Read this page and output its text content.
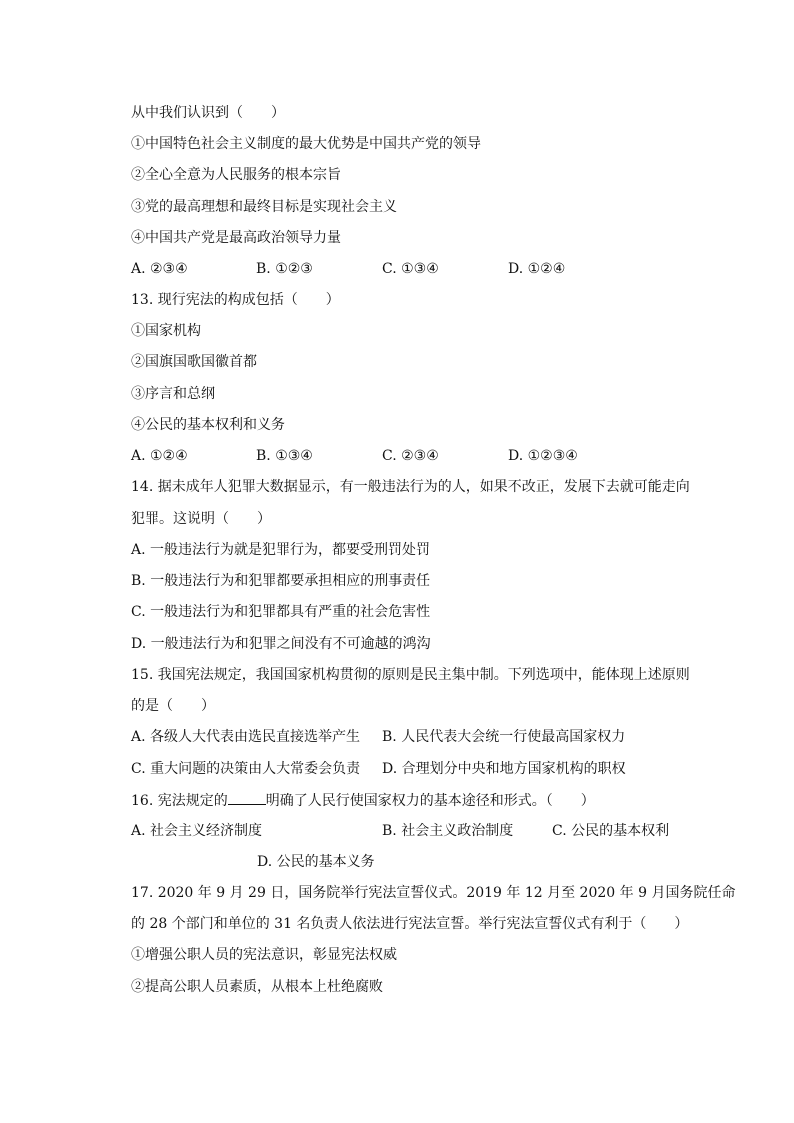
从中我们认识到（　　）
①中国特色社会主义制度的最大优势是中国共产党的领导
②全心全意为人民服务的根本宗旨
③党的最高理想和最终目标是实现社会主义
④中国共产党是最高政治领导力量
A. ②③④	B. ①②③	C. ①③④	D. ①②④
13. 现行宪法的构成包括（　　）
①国家机构
②国旗国歌国徽首都
③序言和总纲
④公民的基本权利和义务
A. ①②④	B. ①③④	C. ②③④	D. ①②③④
14. 据未成年人犯罪大数据显示，有一般违法行为的人，如果不改正，发展下去就可能走向
犯罪。这说明（　　）
A. 一般违法行为就是犯罪行为，都要受刑罚处罚
B. 一般违法行为和犯罪都要承担相应的刑事责任
C. 一般违法行为和犯罪都具有严重的社会危害性
D. 一般违法行为和犯罪之间没有不可逾越的鸿沟
15. 我国宪法规定，我国国家机构贯彻的原则是民主集中制。下列选项中，能体现上述原则
的是（　　）
A. 各级人大代表由选民直接选举产生 B. 人民代表大会统一行使最高国家权力
C. 重大问题的决策由人大常委会负责 D. 合理划分中央和地方国家机构的职权
16. 宪法规定的	明确了人民行使国家权力的基本途径和形式。（　　）
A. 社会主义经济制度	B. 社会主义政治制度	C. 公民的基本权利
D. 公民的基本义务
17. 2020 年 9 月 29 日，国务院举行宪法宣誓仪式。2019 年 12 月至 2020 年 9 月国务院任命
的 28 个部门和单位的 31 名负责人依法进行宪法宣誓。举行宪法宣誓仪式有利于（　　）
①增强公职人员的宪法意识，彰显宪法权威
②提高公职人员素质，从根本上杜绝腐败
